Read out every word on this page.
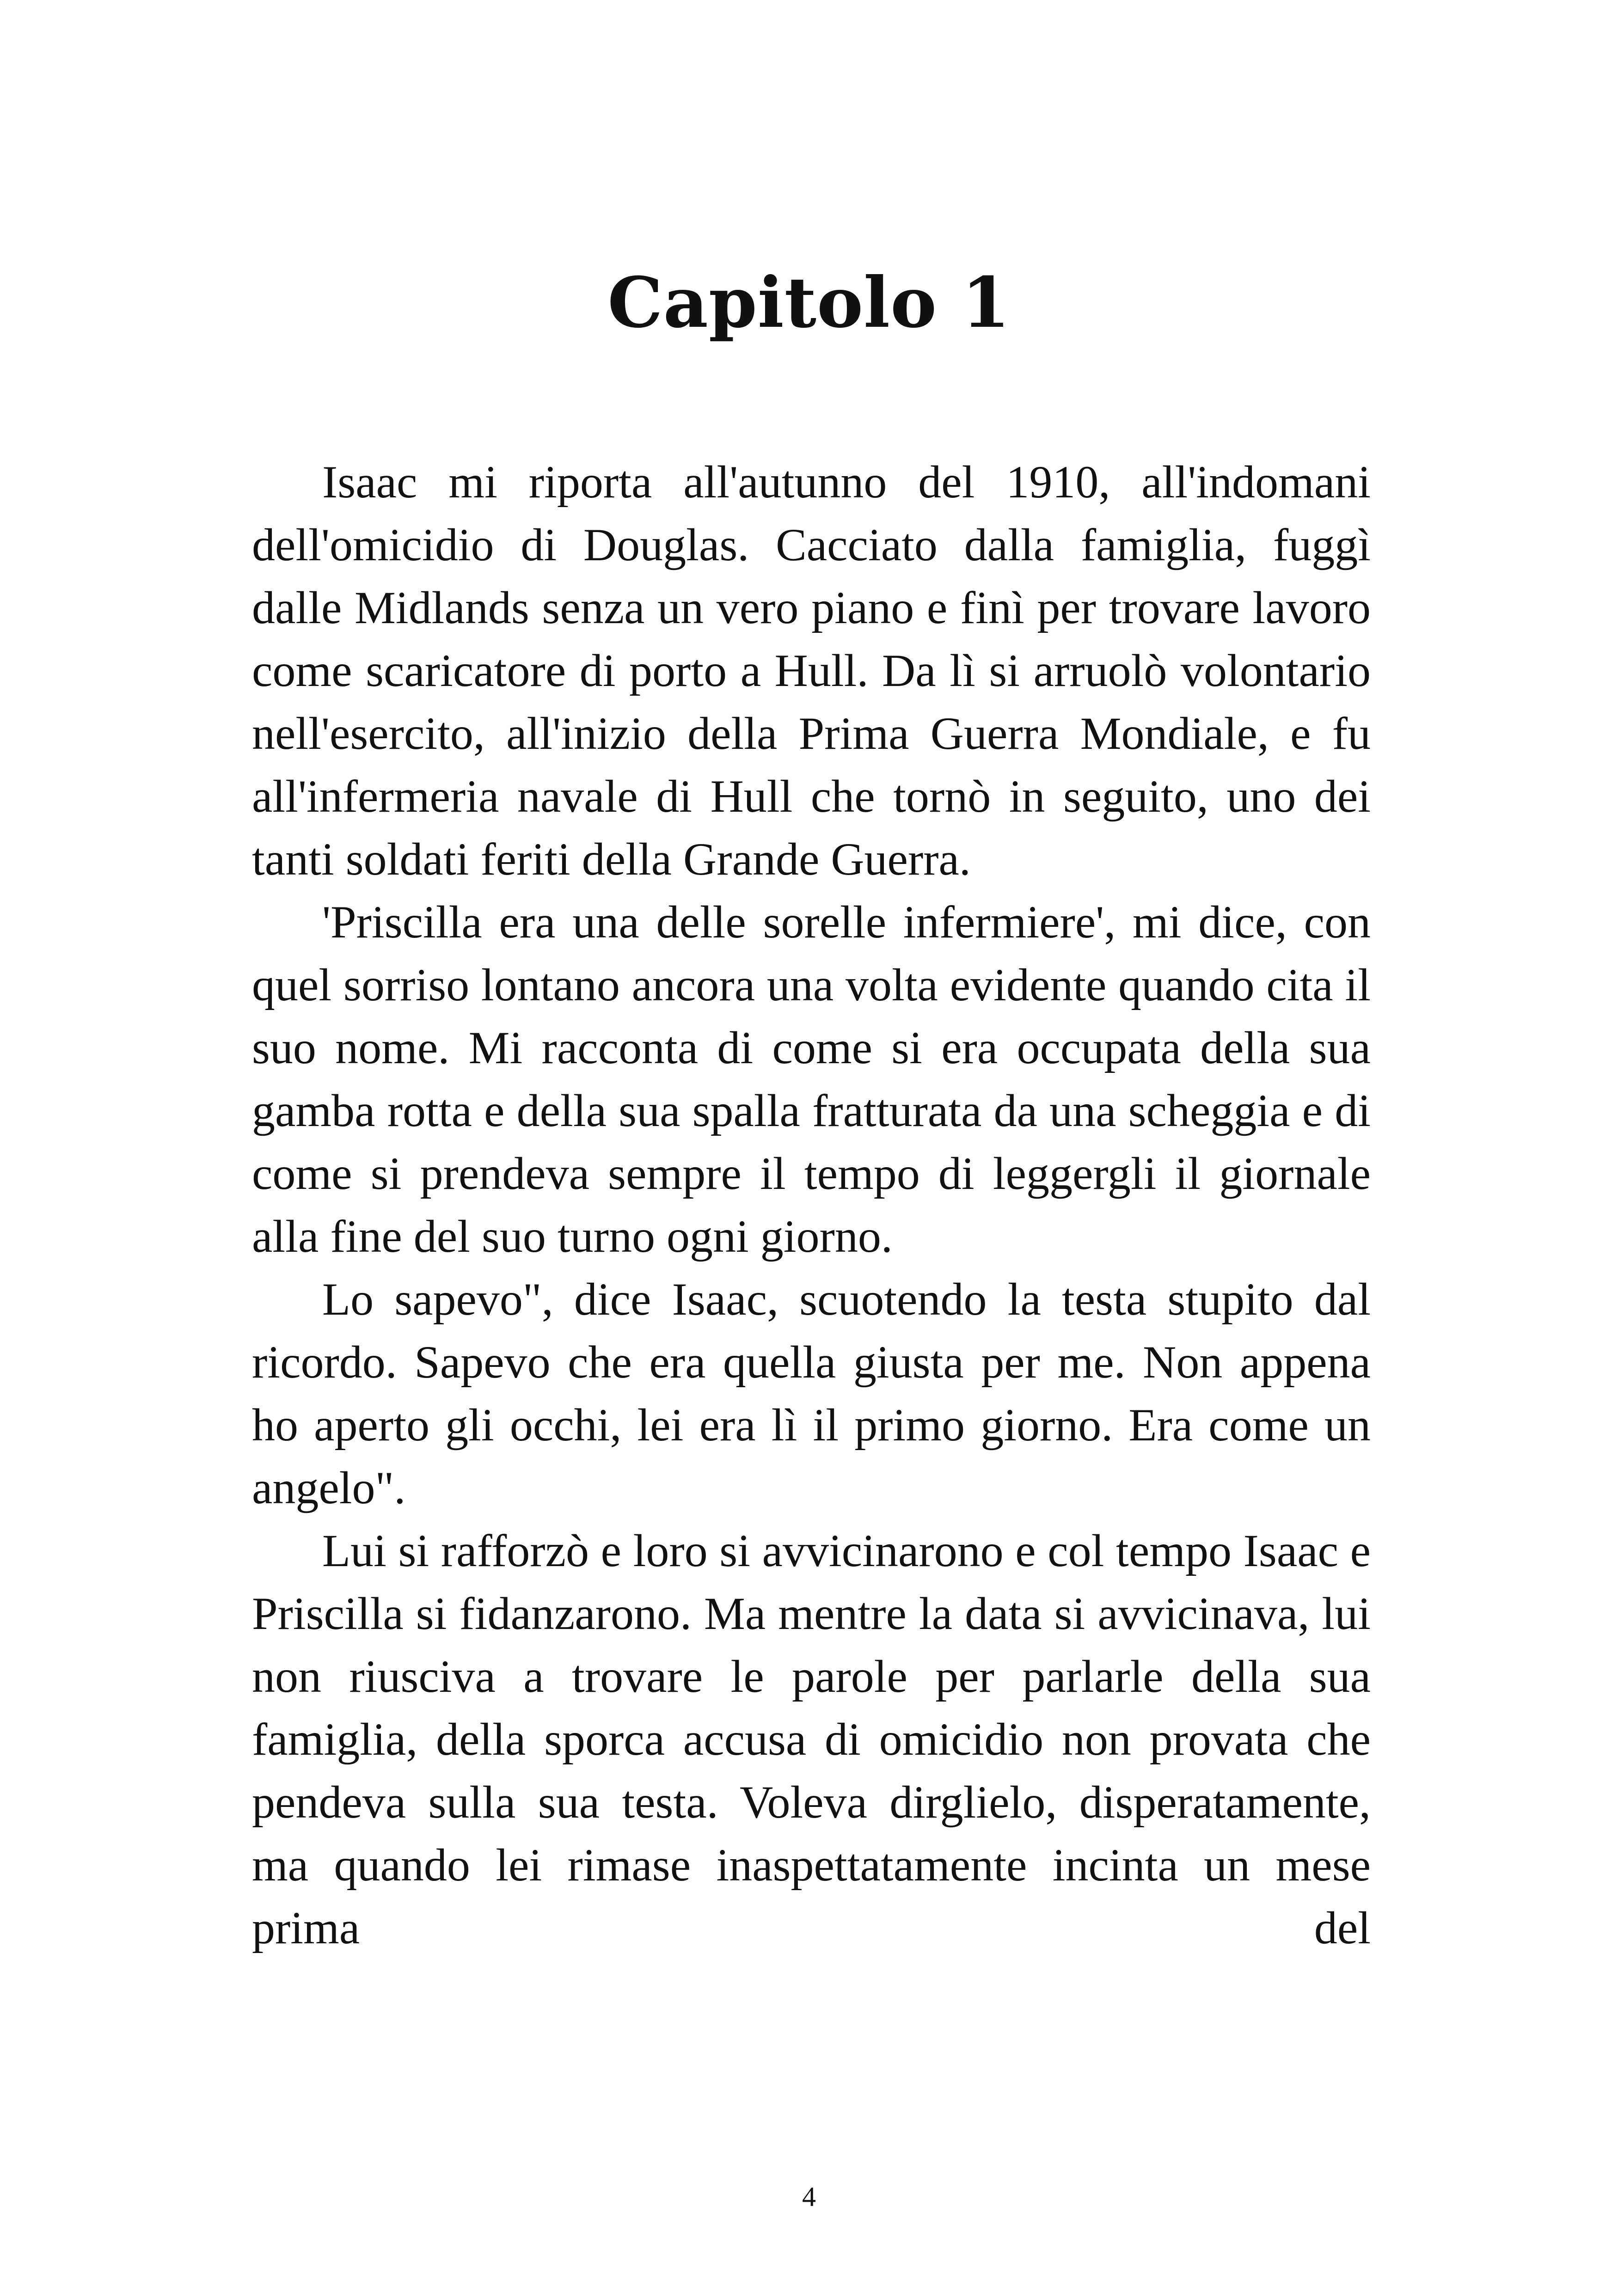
Capitolo 1

Isaac mi riporta all'autunno del 1910, all'indomani dell'omicidio di Douglas. Cacciato dalla famiglia, fuggì dalle Midlands senza un vero piano e finì per trovare lavoro come scaricatore di porto a Hull. Da lì si arruolò volontario nell'esercito, all'inizio della Prima Guerra Mondiale, e fu all'infermeria navale di Hull che tornò in seguito, uno dei tanti soldati feriti della Grande Guerra.

'Priscilla era una delle sorelle infermiere', mi dice, con quel sorriso lontano ancora una volta evidente quando cita il suo nome. Mi racconta di come si era occupata della sua gamba rotta e della sua spalla fratturata da una scheggia e di come si prendeva sempre il tempo di leggergli il giornale alla fine del suo turno ogni giorno.

Lo sapevo", dice Isaac, scuotendo la testa stupito dal ricordo. Sapevo che era quella giusta per me. Non appena ho aperto gli occhi, lei era lì il primo giorno. Era come un angelo".

Lui si rafforzò e loro si avvicinarono e col tempo Isaac e Priscilla si fidanzarono. Ma mentre la data si avvicinava, lui non riusciva a trovare le parole per parlarle della sua famiglia, della sporca accusa di omicidio non provata che pendeva sulla sua testa. Voleva dirglielo, disperatamente, ma quando lei rimase inaspettatamente incinta un mese prima del

4
